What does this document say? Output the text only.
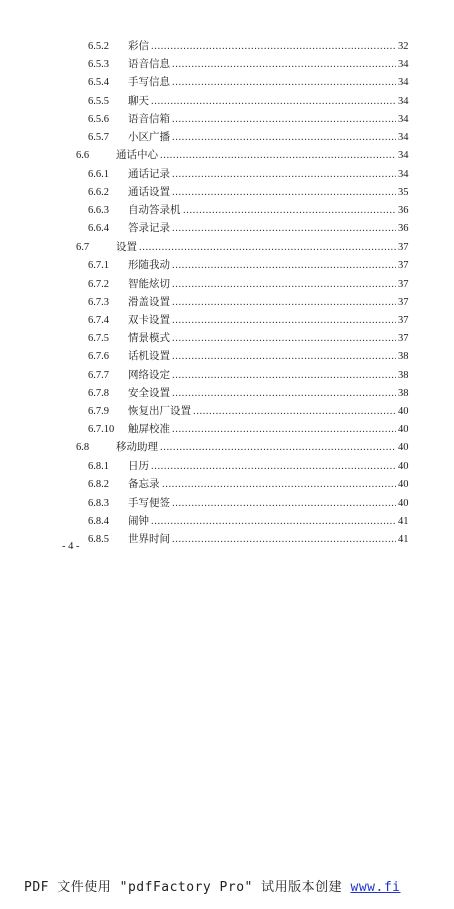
.....
6.5.2 彩信	32
.....
6.5.3 语音信息	34
.....
6.5.4 手写信息	34
.....
6.5.5 聊天	34
.....
6.5.6 语音信箱	34
.....
6.5.7 小区广播	34
.....
6.6	通话中心	34
.....
6.6.1 通话记录	34
.....
6.6.2 通话设置	35
.....
6.6.3 自动答录机	36
.....
6.6.4 答录记录	36
.....
6.7	设置	37
.....
6.7.1 形随我动	37
.....
6.7.2 智能炫切	37
.....
6.7.3 滑盖设置	37
.....
6.7.4 双卡设置	37
.....
6.7.5 情景模式	37
.....
6.7.6 话机设置	38
.....
6.7.7 网络设定	38
.....
6.7.8 安全设置	38
.....
6.7.9 恢复出厂设置	40
.....
6.7.10 触屏校准	40
.....
6.8	移动助理	40
.....
6.8.1 日历	40
.....
6.8.2 备忘录	40
.....
6.8.3 手写便签	40
.....
6.8.4 闹钟	41
.....
6.8.5 世界时间	41
- 4 -
PDF 文件使用 "pdfFactory Pro" 试用版本创建 www.fi
